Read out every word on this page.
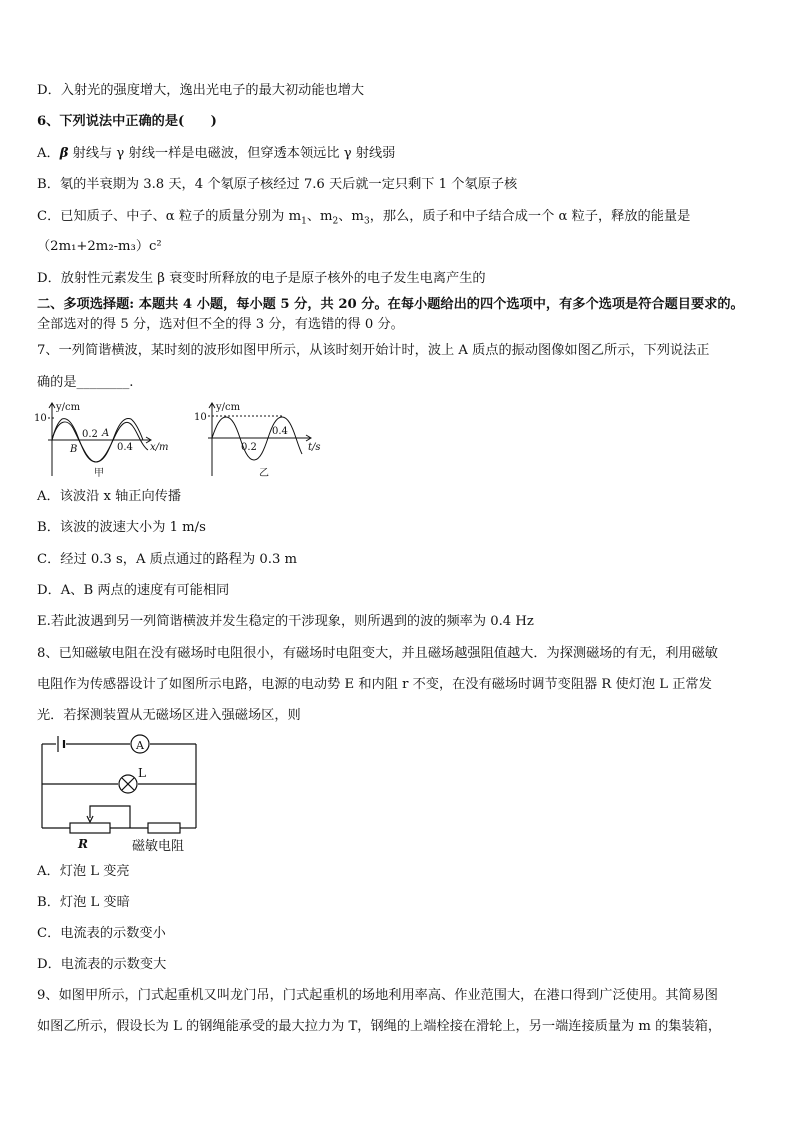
D．入射光的强度增大，逸出光电子的最大初动能也增大
6、下列说法中正确的是(　　)
A．β 射线与 γ 射线一样是电磁波，但穿透本领远比 γ 射线弱
B．氡的半衰期为 3.8 天，4 个氡原子核经过 7.6 天后就一定只剩下 1 个氡原子核
C．已知质子、中子、α 粒子的质量分别为 $m_1$、$m_2$、$m_3$，那么，质子和中子结合成一个 α 粒子，释放的能量是
（2m₁+2m₂-m₃）c²
D．放射性元素发生 β 衰变时所释放的电子是原子核外的电子发生电离产生的
二、多项选择题: 本题共 4 小题，每小题 5 分，共 20 分。在每小题给出的四个选项中，有多个选项是符合题目要求的。
全部选对的得 5 分，选对但不全的得 3 分，有选错的得 0 分。
7、一列简谐横波，某时刻的波形如图甲所示，从该时刻开始计时，波上 A 质点的振动图像如图乙所示，下列说法正
确的是________.
y/cm
10
0.2 A
B	0.4 x/m
甲
y/cm
10
0.2
0.4
t/s
乙
A．该波沿 x 轴正向传播
B．该波的波速大小为 1 m/s
C．经过 0.3 s，A 质点通过的路程为 0.3 m
D．A、B 两点的速度有可能相同
E.若此波遇到另一列简谐横波并发生稳定的干涉现象，则所遇到的波的频率为 0.4 Hz
8、已知磁敏电阻在没有磁场时电阻很小，有磁场时电阻变大，并且磁场越强阻值越大．为探测磁场的有无，利用磁敏
电阻作为传感器设计了如图所示电路，电源的电动势 E 和内阻 r 不变，在没有磁场时调节变阻器 R 使灯泡 L 正常发
光．若探测装置从无磁场区进入强磁场区，则
A
L
R	磁敏电阻
A．灯泡 L 变亮
B．灯泡 L 变暗
C．电流表的示数变小
D．电流表的示数变大
9、如图甲所示，门式起重机又叫龙门吊，门式起重机的场地利用率高、作业范围大，在港口得到广泛使用。其简易图
如图乙所示，假设长为 L 的钢绳能承受的最大拉力为 T，钢绳的上端栓接在滑轮上，另一端连接质量为 m 的集装箱，
